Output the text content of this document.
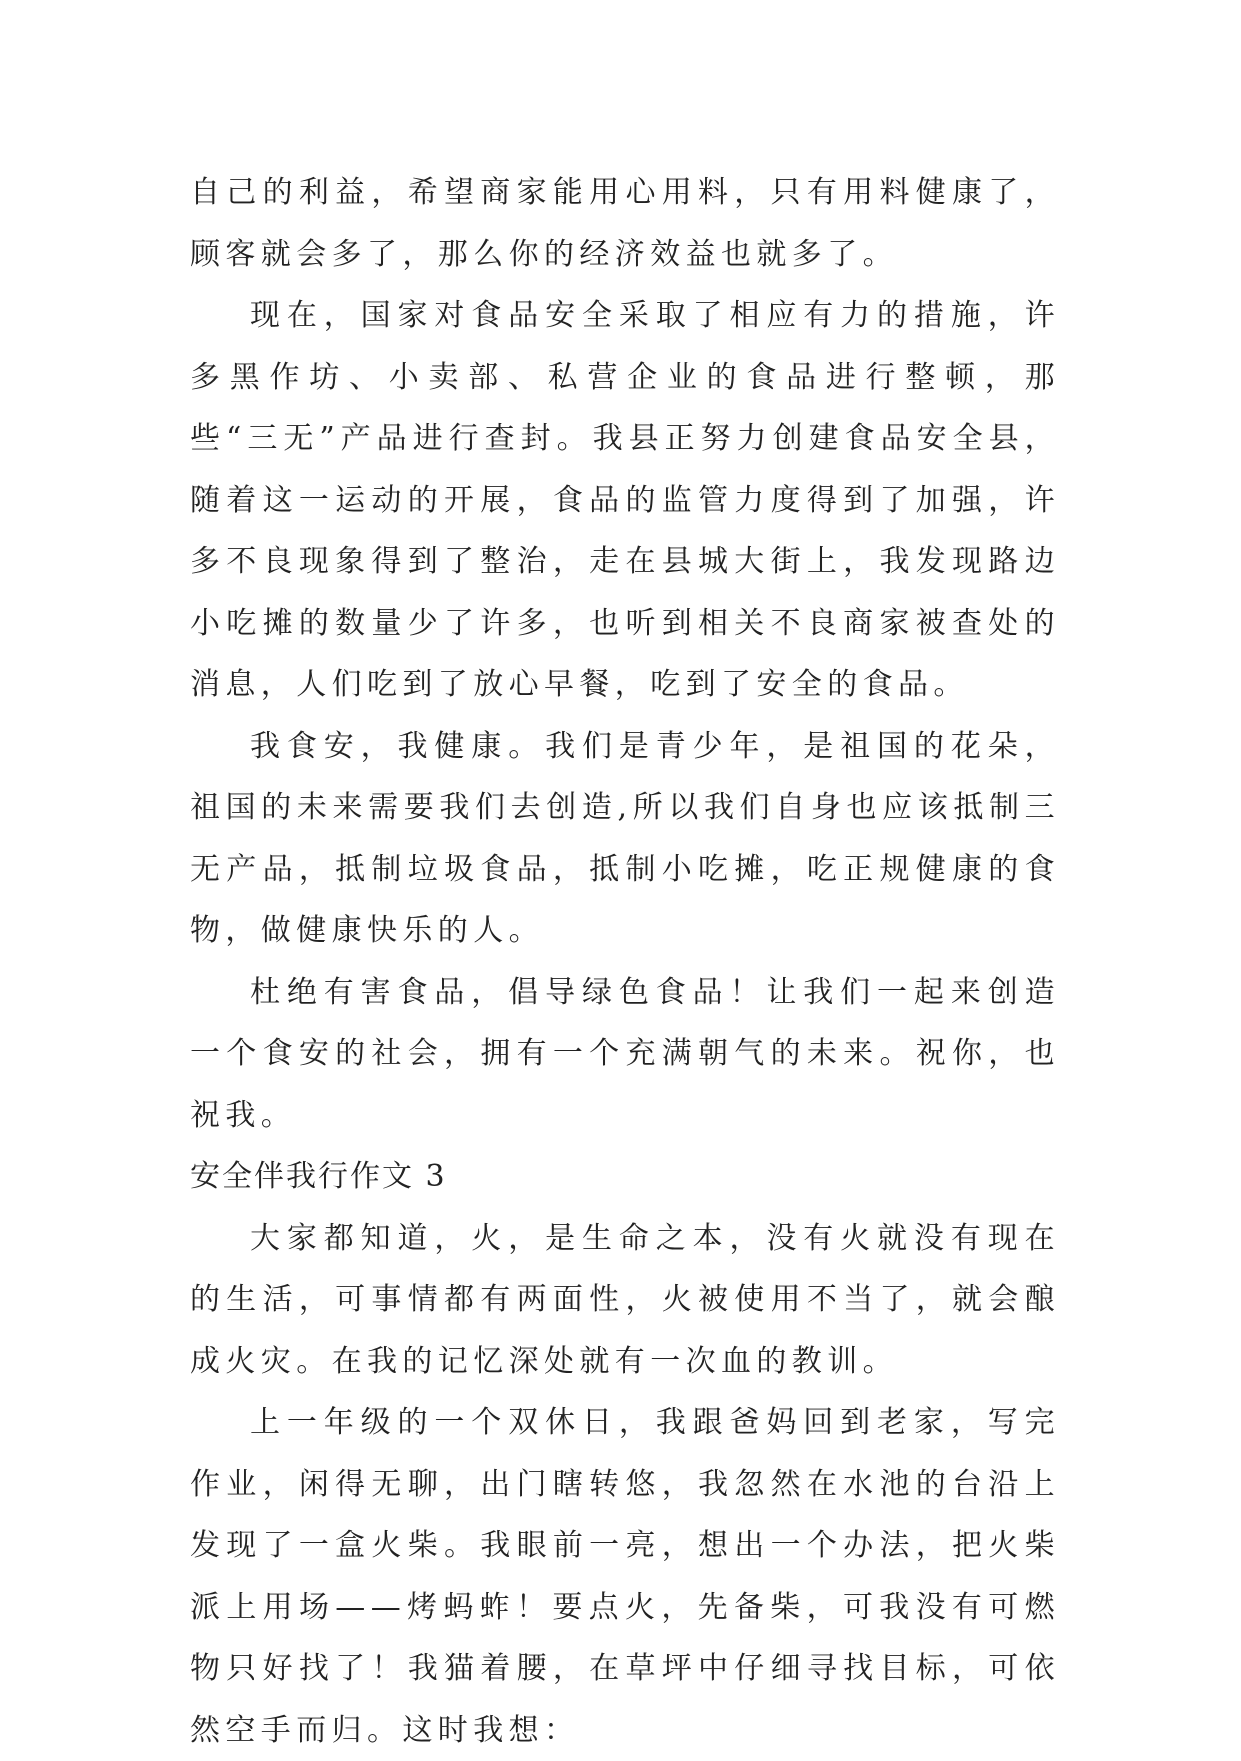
自己的利益，希望商家能用心用料，只有用料健康了，顾客就会多了，那么你的经济效益也就多了。

现在，国家对食品安全采取了相应有力的措施，许多黑作坊、小卖部、私营企业的食品进行整顿，那些“三无”产品进行查封。我县正努力创建食品安全县，随着这一运动的开展，食品的监管力度得到了加强，许多不良现象得到了整治，走在县城大街上，我发现路边小吃摊的数量少了许多，也听到相关不良商家被查处的消息，人们吃到了放心早餐，吃到了安全的食品。

我食安，我健康。我们是青少年，是祖国的花朵，祖国的未来需要我们去创造,所以我们自身也应该抵制三无产品，抵制垃圾食品，抵制小吃摊，吃正规健康的食物，做健康快乐的人。

杜绝有害食品，倡导绿色食品！让我们一起来创造一个食安的社会，拥有一个充满朝气的未来。祝你，也祝我。

安全伴我行作文 3

大家都知道，火，是生命之本，没有火就没有现在的生活，可事情都有两面性，火被使用不当了，就会酿成火灾。在我的记忆深处就有一次血的教训。

上一年级的一个双休日，我跟爸妈回到老家，写完作业，闲得无聊，出门瞎转悠，我忽然在水池的台沿上发现了一盒火柴。我眼前一亮，想出一个办法，把火柴派上用场——烤蚂蚱！要点火，先备柴，可我没有可燃物只好找了！我猫着腰，在草坪中仔细寻找目标，可依然空手而归。这时我想：
